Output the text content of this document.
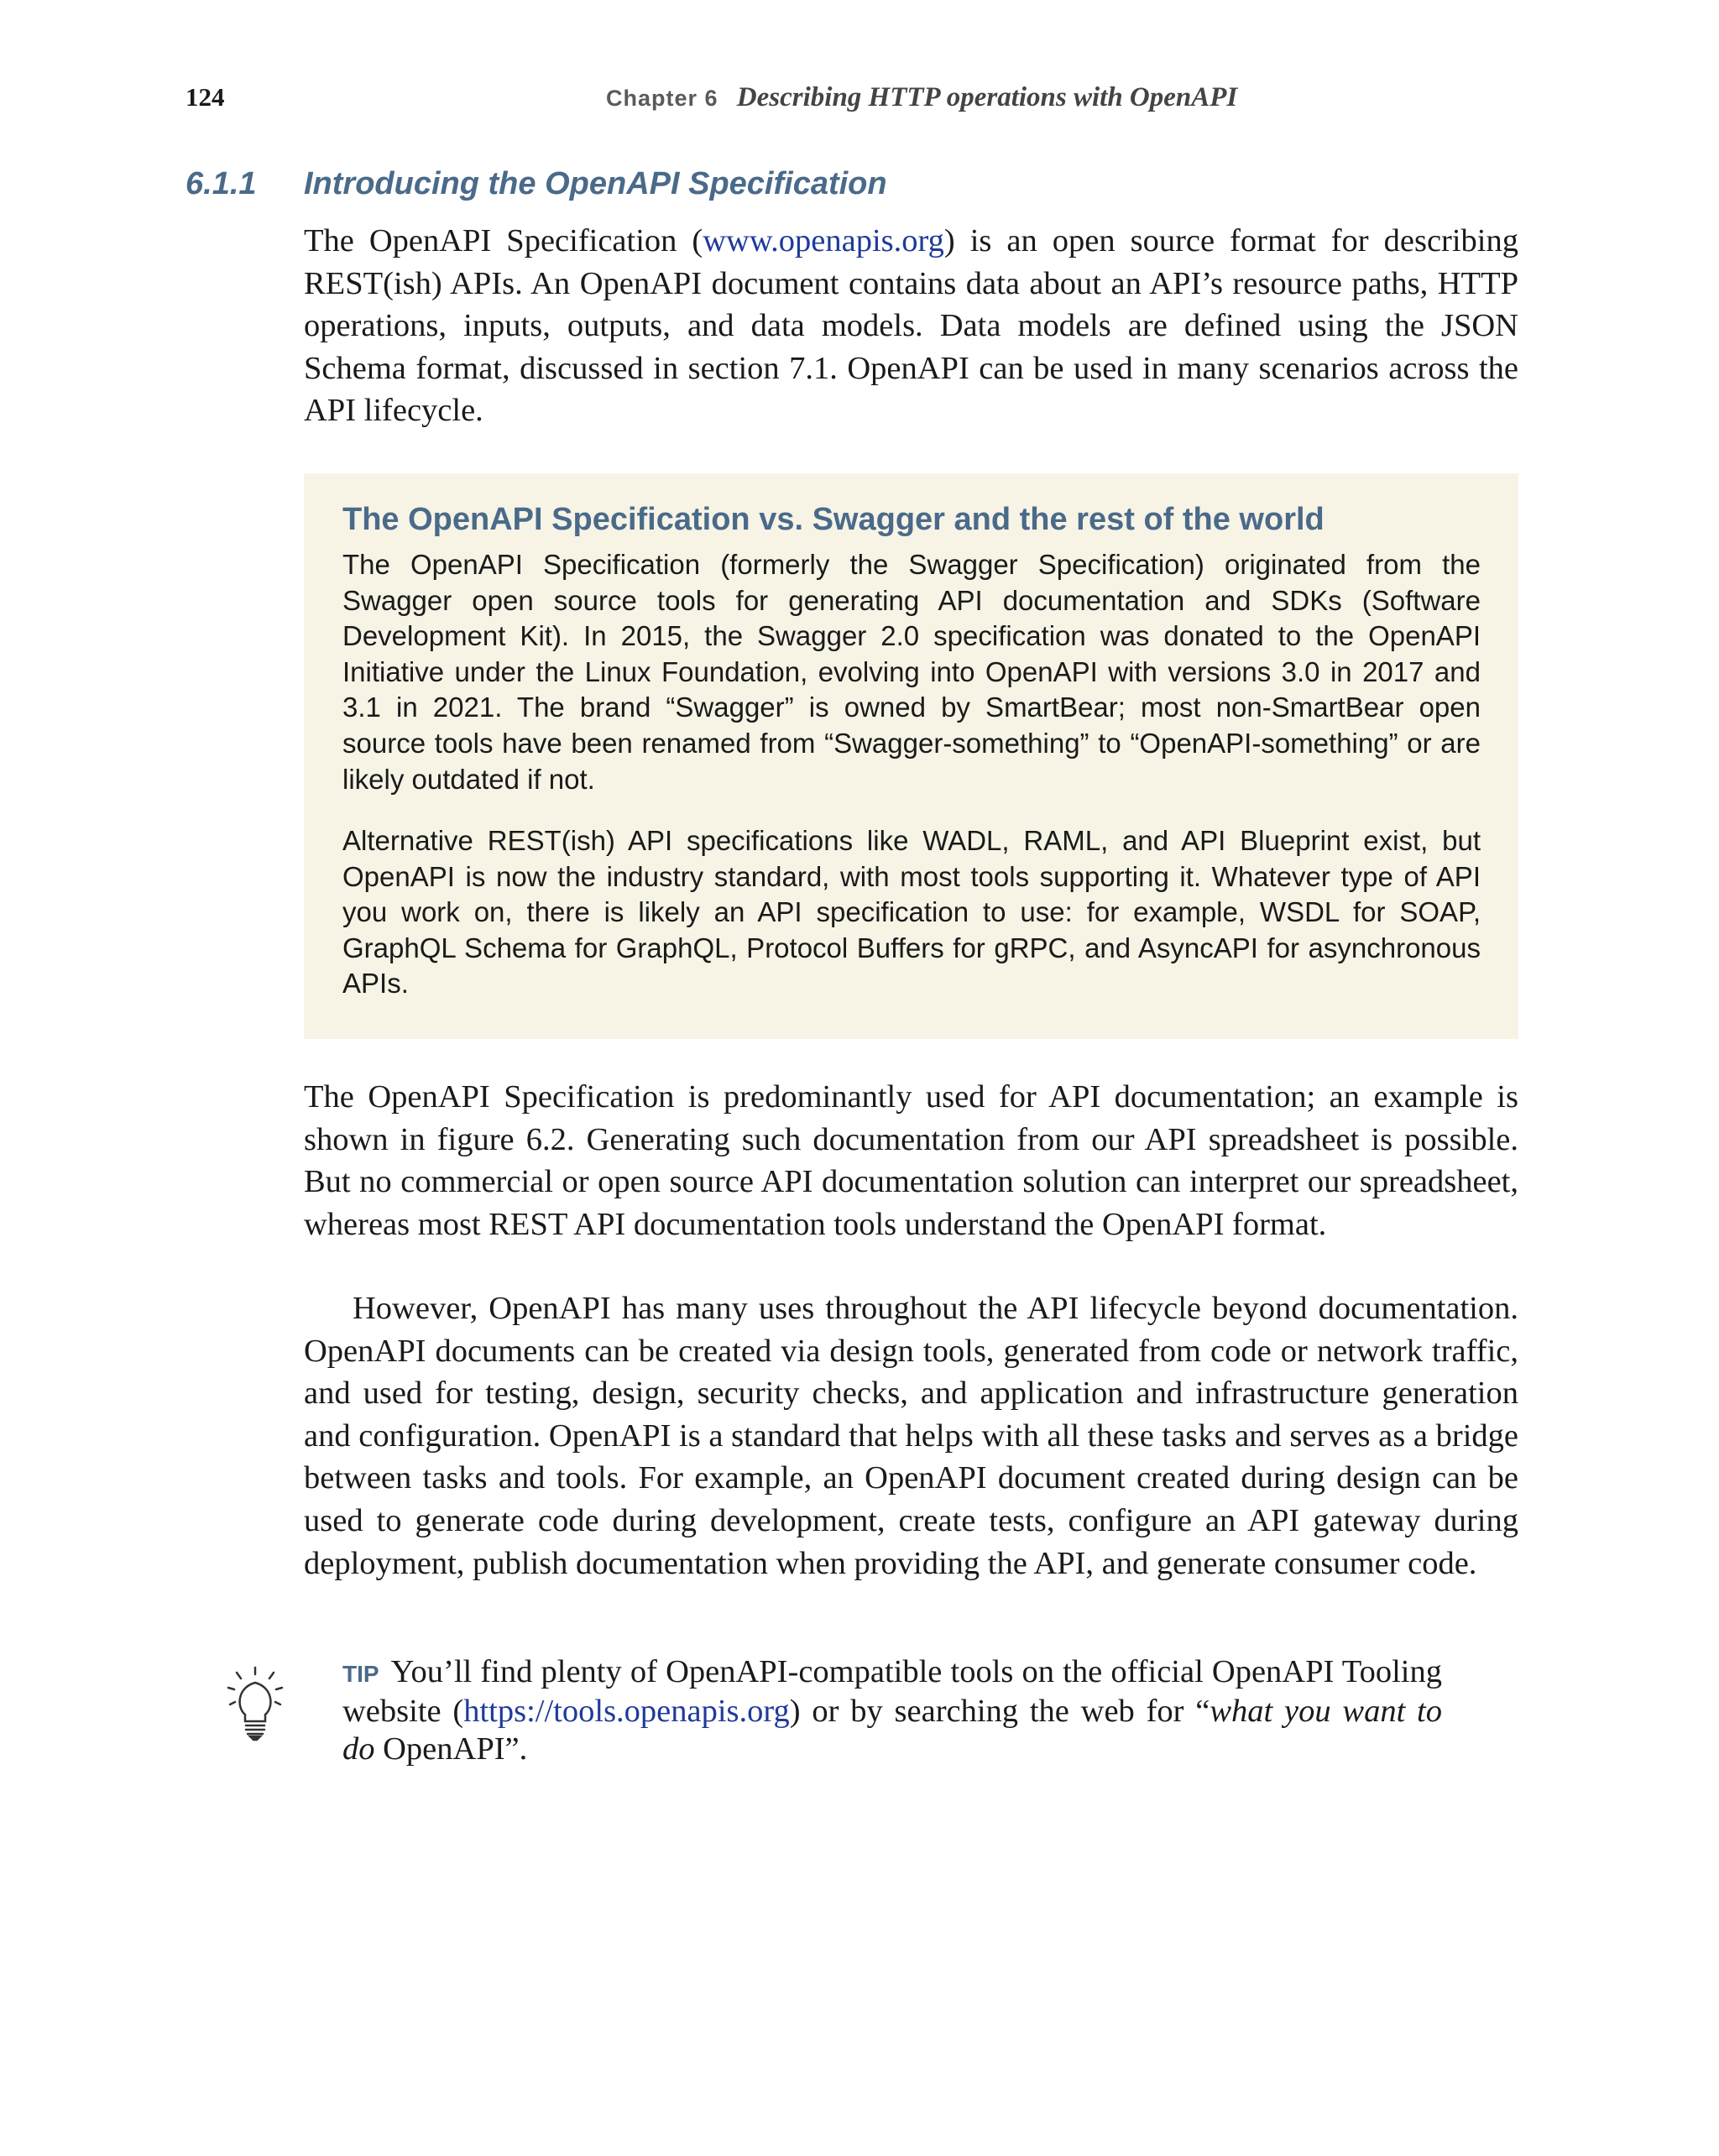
124	Chapter 6 Describing HTTP operations with OpenAPI
6.1.1 Introducing the OpenAPI Specification
The OpenAPI Specification (www.openapis.org) is an open source format for describing REST(ish) APIs. An OpenAPI document contains data about an API’s resource paths, HTTP operations, inputs, outputs, and data models. Data models are defined using the JSON Schema format, discussed in section 7.1. OpenAPI can be used in many scenarios across the API lifecycle.
The OpenAPI Specification vs. Swagger and the rest of the world
The OpenAPI Specification (formerly the Swagger Specification) originated from the Swagger open source tools for generating API documentation and SDKs (Software Development Kit). In 2015, the Swagger 2.0 specification was donated to the OpenAPI Initiative under the Linux Foundation, evolving into OpenAPI with versions 3.0 in 2017 and 3.1 in 2021. The brand “Swagger” is owned by SmartBear; most non-SmartBear open source tools have been renamed from “Swagger-something” to “OpenAPI-something” or are likely outdated if not.
Alternative REST(ish) API specifications like WADL, RAML, and API Blueprint exist, but OpenAPI is now the industry standard, with most tools supporting it. Whatever type of API you work on, there is likely an API specification to use: for example, WSDL for SOAP, GraphQL Schema for GraphQL, Protocol Buffers for gRPC, and AsyncAPI for asynchronous APIs.
The OpenAPI Specification is predominantly used for API documentation; an example is shown in figure 6.2. Generating such documentation from our API spreadsheet is possible. But no commercial or open source API documentation solution can interpret our spreadsheet, whereas most REST API documentation tools understand the OpenAPI format.
However, OpenAPI has many uses throughout the API lifecycle beyond documentation. OpenAPI documents can be created via design tools, generated from code or network traffic, and used for testing, design, security checks, and application and infrastructure generation and configuration. OpenAPI is a standard that helps with all these tasks and serves as a bridge between tasks and tools. For example, an OpenAPI document created during design can be used to generate code during development, create tests, configure an API gateway during deployment, publish documentation when providing the API, and generate consumer code.
TIP You’ll find plenty of OpenAPI-compatible tools on the official OpenAPI Tooling website (https://tools.openapis.org) or by searching the web for “what you want to do OpenAPI”.
